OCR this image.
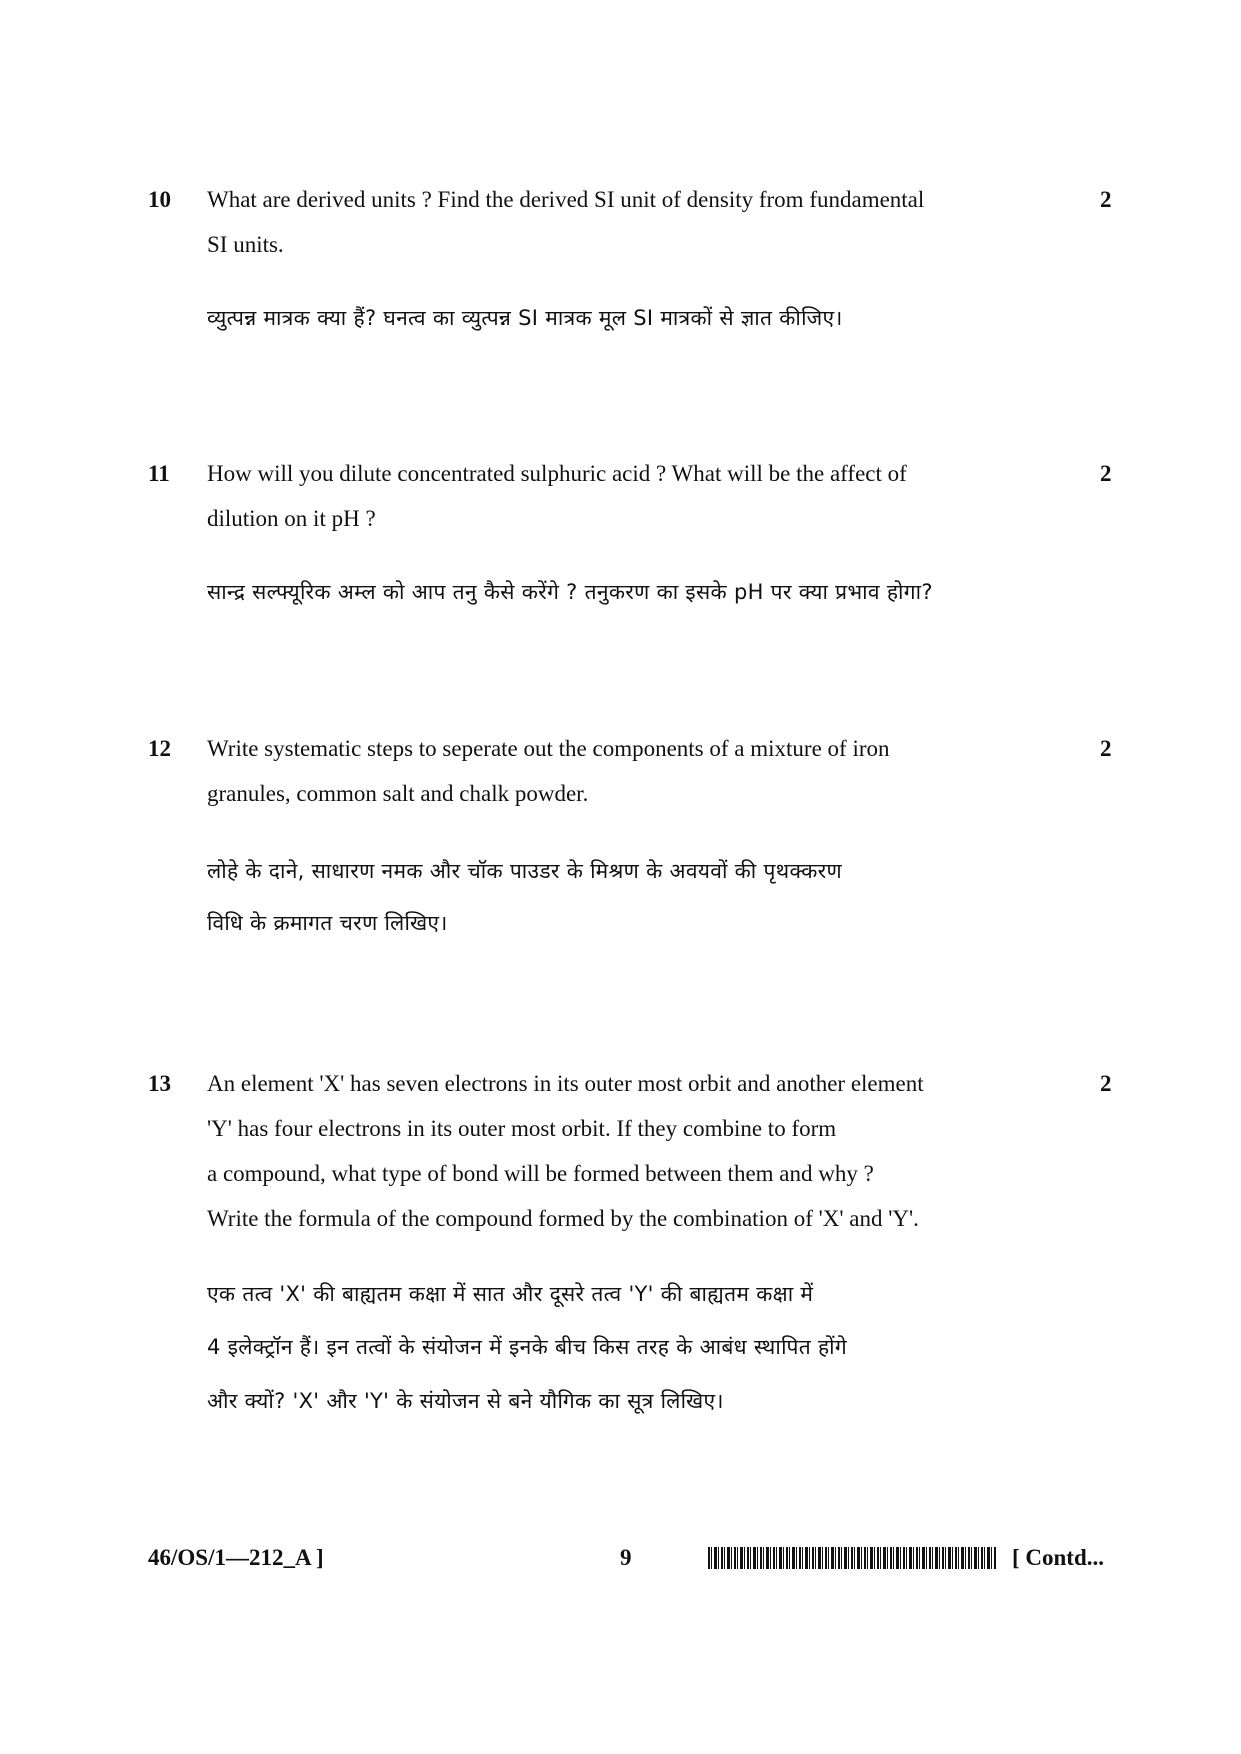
10	2
What are derived units ? Find the derived SI unit of density from fundamental
SI units.
व्युत्पन्न मात्रक क्या हैं? घनत्व का व्युत्पन्न SI मात्रक मूल SI मात्रकों से ज्ञात कीजिए।
11	2
How will you dilute concentrated sulphuric acid ? What will be the affect of
dilution on it pH ?
सान्द्र सल्फ्यूरिक अम्ल को आप तनु कैसे करेंगे ? तनुकरण का इसके pH पर क्या प्रभाव होगा?
12	2
Write systematic steps to seperate out the components of a mixture of iron
granules, common salt and chalk powder.
लोहे के दाने, साधारण नमक और चॉक पाउडर के मिश्रण के अवयवों की पृथक्करण
विधि के क्रमागत चरण लिखिए।
13	2
An element 'X' has seven electrons in its outer most orbit and another element
'Y' has four electrons in its outer most orbit. If they combine to form
a compound, what type of bond will be formed between them and why ?
Write the formula of the compound formed by the combination of 'X' and 'Y'.
एक तत्व 'X' की बाह्यतम कक्षा में सात और दूसरे तत्व 'Y' की बाह्यतम कक्षा में
4 इलेक्ट्रॉन हैं। इन तत्वों के संयोजन में इनके बीच किस तरह के आबंध स्थापित होंगे
और क्यों? 'X' और 'Y' के संयोजन से बने यौगिक का सूत्र लिखिए।
46/OS/1—212_A ]	9	[ Contd...
